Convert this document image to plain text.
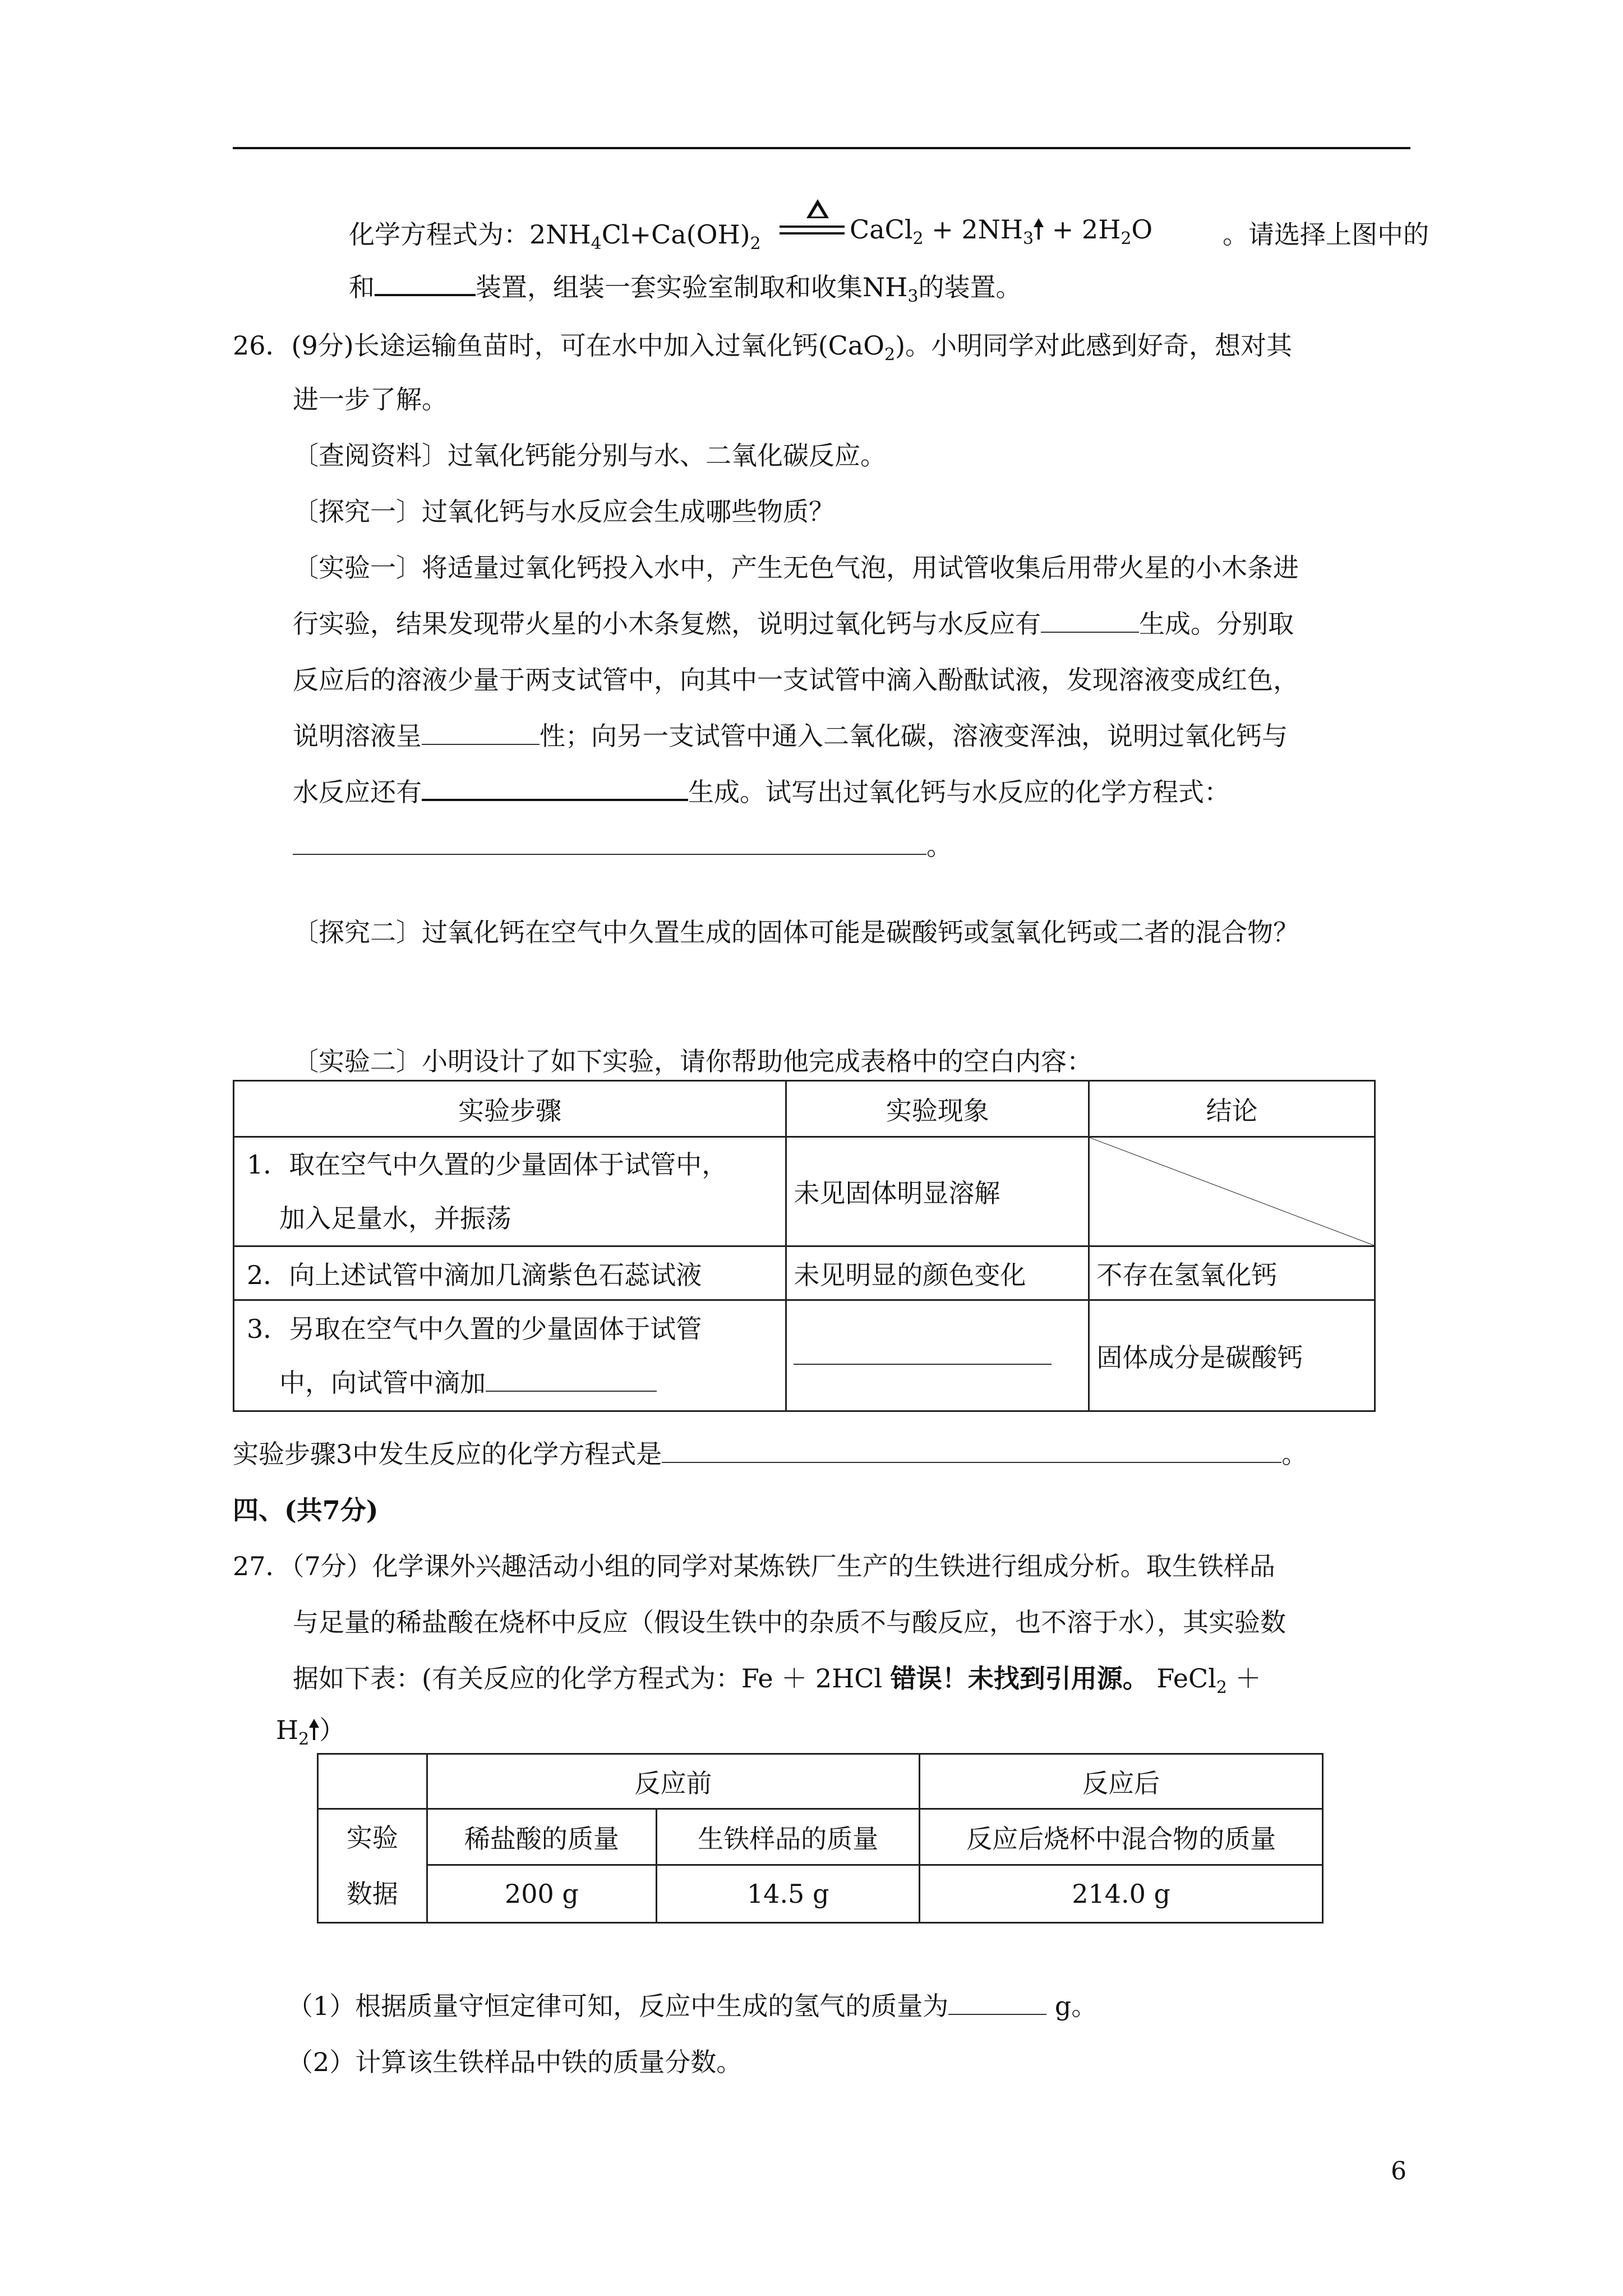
化学方程式为：$2NH_4Cl+Ca(OH)_2$	CaCl$_2$ + $2NH_3 + 2H_2O$	。请选择上图中的
和	装置，组装一套实验室制取和收集$NH_3$的装置。
26．(9分)长途运输鱼苗时，可在水中加入过氧化钙(CaO$_2$)。小明同学对此感到好奇，想对其
进一步了解。
〔查阅资料〕过氧化钙能分别与水、二氧化碳反应。
〔探究一〕过氧化钙与水反应会生成哪些物质？
〔实验一〕将适量过氧化钙投入水中，产生无色气泡，用试管收集后用带火星的小木条进
行实验，结果发现带火星的小木条复燃，说明过氧化钙与水反应有	生成。分别取
反应后的溶液少量于两支试管中，向其中一支试管中滴入酚酞试液，发现溶液变成红色，
说明溶液呈	性；向另一支试管中通入二氧化碳，溶液变浑浊，说明过氧化钙与
水反应还有	生成。试写出过氧化钙与水反应的化学方程式：
。
〔探究二〕过氧化钙在空气中久置生成的固体可能是碳酸钙或氢氧化钙或二者的混合物？
〔实验二〕小明设计了如下实验，请你帮助他完成表格中的空白内容：
实验步骤	实验现象	结论

1．取在空气中久置的少量固体于试管中，
加入足量水，并振荡	未见固体明显溶解	

2．向上述试管中滴加几滴紫色石蕊试液	未见明显的颜色变化	不存在氢氧化钙

3．另取在空气中久置的少量固体于试管
中，向试管中滴加		固体成分是碳酸钙
实验步骤3中发生反应的化学方程式是	。
四、(共7分)
27．（7分）化学课外兴趣活动小组的同学对某炼铁厂生产的生铁进行组成分析。取生铁样品
与足量的稀盐酸在烧杯中反应（假设生铁中的杂质不与酸反应，也不溶于水），其实验数
据如下表：(有关反应的化学方程式为：Fe ＋ 2HCl 错误！未找到引用源。 FeCl$_2$ ＋
$H_2$ ）
	反应前		反应后

实验
数据	稀盐酸的质量	生铁样品的质量	反应后烧杯中混合物的质量
	200 g	14.5 g	214.0 g
（1）根据质量守恒定律可知，反应中生成的氢气的质量为	g。
（2）计算该生铁样品中铁的质量分数。
6
